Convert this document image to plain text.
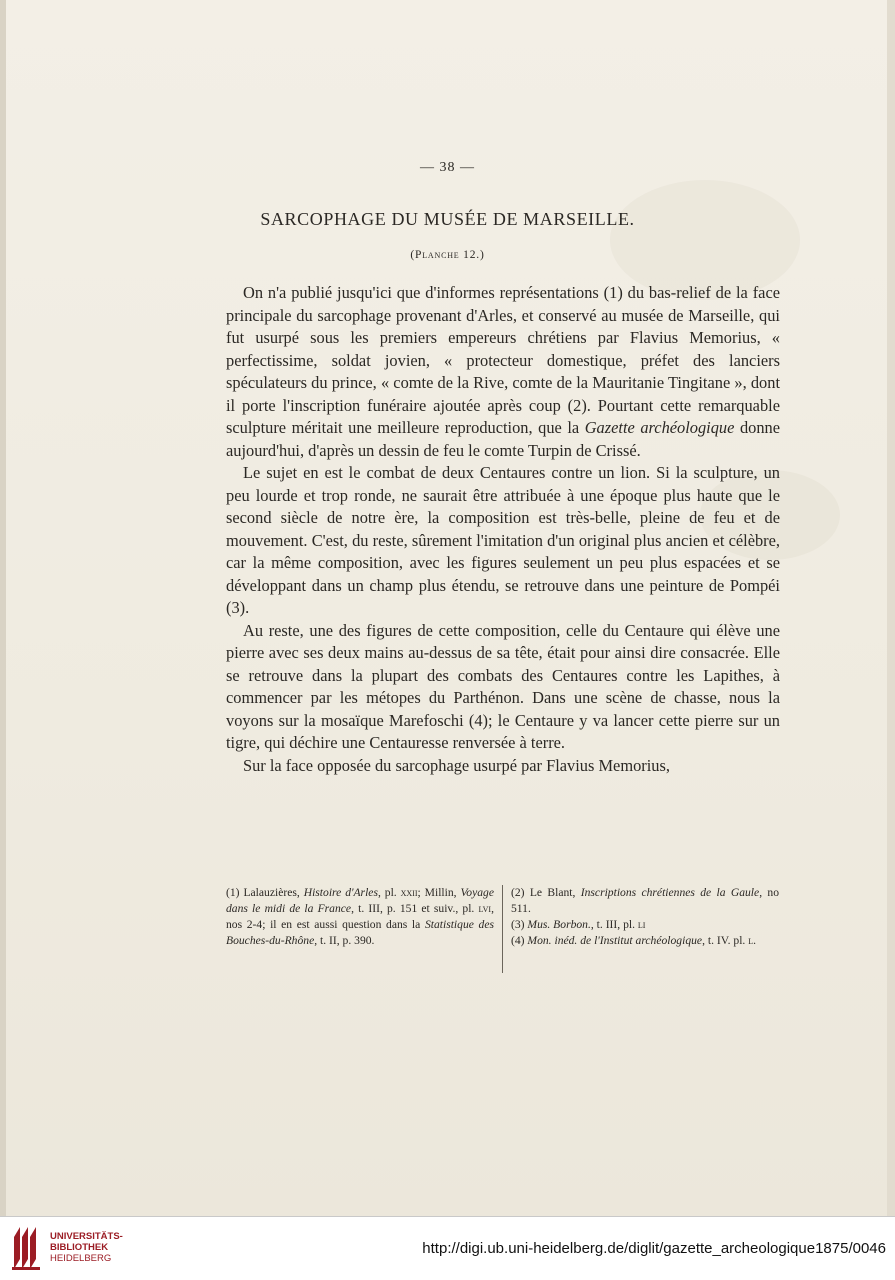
— 38 —
SARCOPHAGE DU MUSÉE DE MARSEILLE.
(Planche 12.)

On n'a publié jusqu'ici que d'informes représentations (1) du bas-relief de la face principale du sarcophage provenant d'Arles, et conservé au musée de Marseille, qui fut usurpé sous les premiers empereurs chrétiens par Flavius Memorius, « perfectissime, soldat jovien, « protecteur domestique, préfet des lanciers spéculateurs du prince, « comte de la Rive, comte de la Mauritanie Tingitane », dont il porte l'inscription funéraire ajoutée après coup (2). Pourtant cette remarquable sculpture méritait une meilleure reproduction, que la Gazette archéologique donne aujourd'hui, d'après un dessin de feu le comte Turpin de Crissé.

Le sujet en est le combat de deux Centaures contre un lion. Si la sculpture, un peu lourde et trop ronde, ne saurait être attribuée à une époque plus haute que le second siècle de notre ère, la composition est très-belle, pleine de feu et de mouvement. C'est, du reste, sûrement l'imitation d'un original plus ancien et célèbre, car la même composition, avec les figures seulement un peu plus espacées et se développant dans un champ plus étendu, se retrouve dans une peinture de Pompéi (3).

Au reste, une des figures de cette composition, celle du Centaure qui élève une pierre avec ses deux mains au-dessus de sa tête, était pour ainsi dire consacrée. Elle se retrouve dans la plupart des combats des Centaures contre les Lapithes, à commencer par les métopes du Parthénon. Dans une scène de chasse, nous la voyons sur la mosaïque Marefoschi (4); le Centaure y va lancer cette pierre sur un tigre, qui déchire une Centauresse renversée à terre.

Sur la face opposée du sarcophage usurpé par Flavius Memorius,

(1) Lalauzières, Histoire d'Arles, pl. xxii; Millin, Voyage dans le midi de la France, t. III, p. 151 et suiv., pl. lvi, nos 2-4; il en est aussi question dans la Statistique des Bouches-du-Rhône, t. II, p. 390.

(2) Le Blant, Inscriptions chrétiennes de la Gaule, no 511.

(3) Mus. Borbon., t. III, pl. li

(4) Mon. inéd. de l'Institut archéologique, t. IV. pl. l.

UNIVERSITÄTS-
BIBLIOTHEK
HEIDELBERG
http://digi.ub.uni-heidelberg.de/diglit/gazette_archeologique1875/0046
